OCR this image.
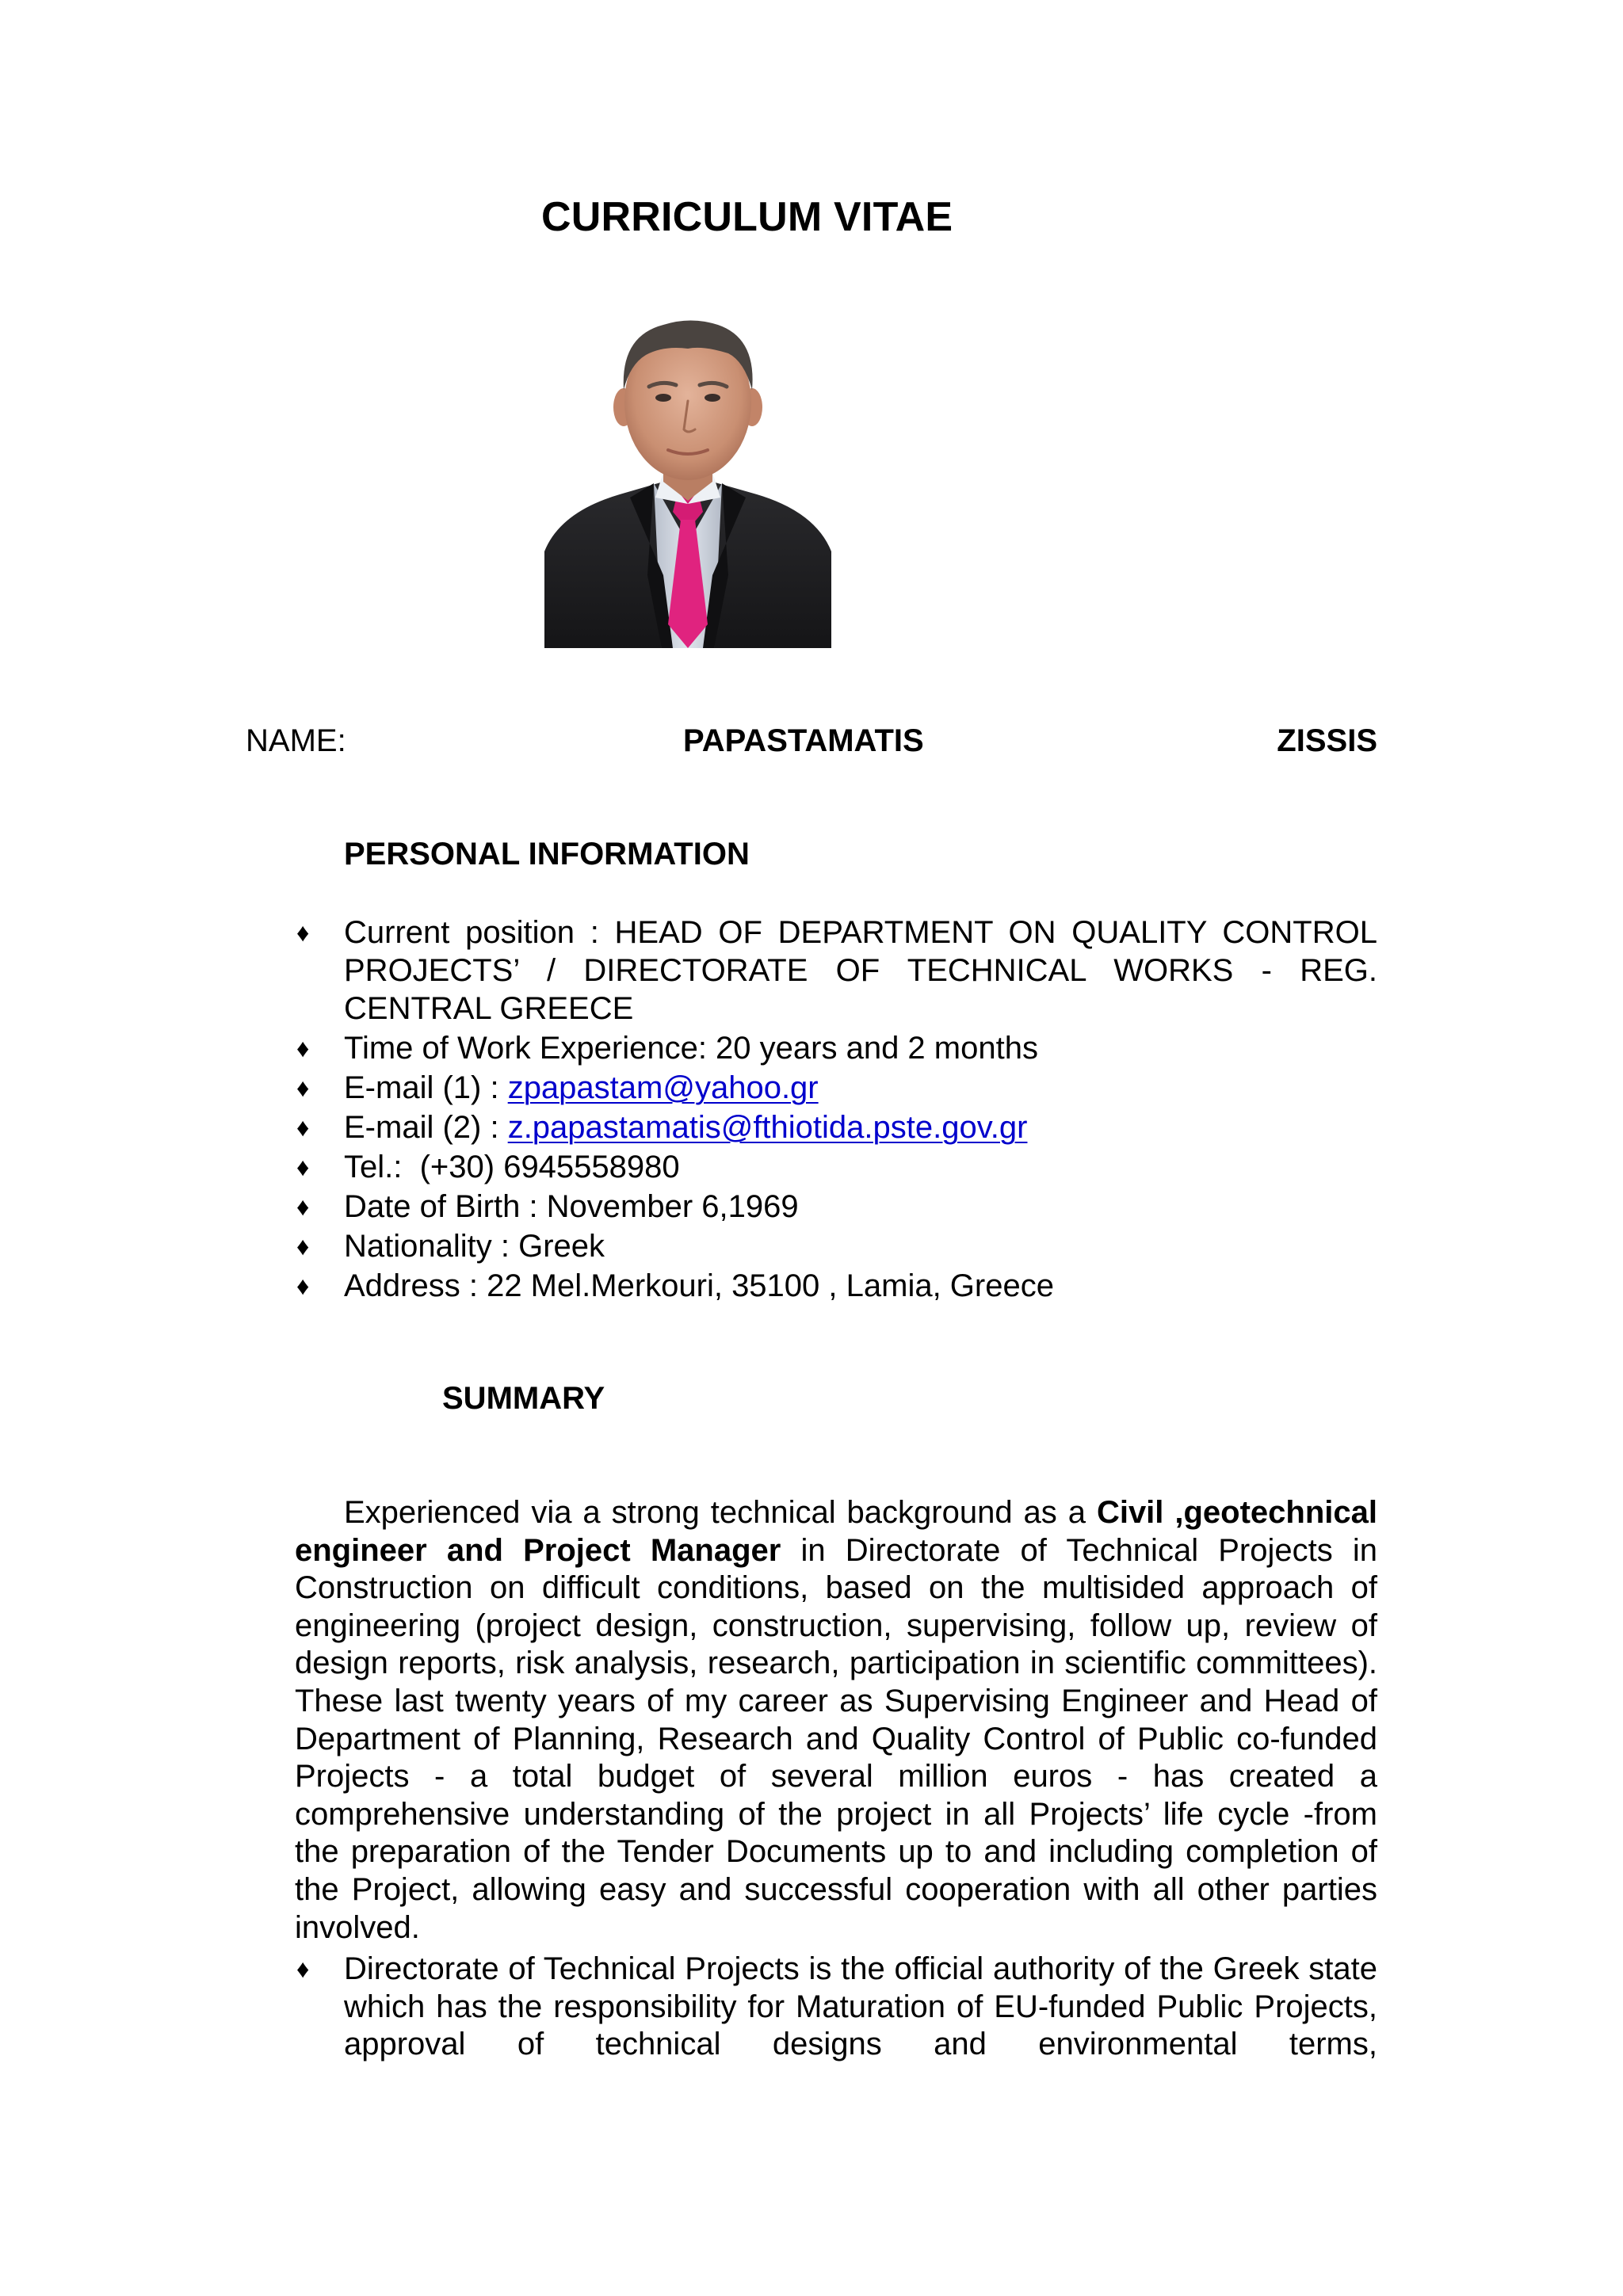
CURRICULUM VITAE
NAME:	PAPASTAMATIS	ZISSIS
PERSONAL INFORMATION
♦ Current position : HEAD OF DEPARTMENT ON QUALITY CONTROL
PROJECTS’ / DIRECTORATE OF TECHNICAL WORKS - REG.
CENTRAL GREECE
♦ Time of Work Experience: 20 years and 2 months
♦ E-mail (1) : zpapastam@yahoo.gr
♦ E-mail (2) : z.papastamatis@fthiotida.pste.gov.gr
♦ Tel.:  (+30) 6945558980
♦ Date of Birth : November 6,1969
♦ Nationality : Greek
♦ Address : 22 Mel.Merkouri, 35100 , Lamia, Greece
SUMMARY

Experienced via a strong technical background as a Civil ,geotechnical engineer and Project Manager in Directorate of Technical Projects in Construction on difficult conditions, based on the multisided approach of engineering (project design, construction, supervising, follow up, review of design reports, risk analysis, research, participation in scientific committees). These last twenty years of my career as Supervising Engineer and Head of Department of Planning, Research and Quality Control of Public co-funded Projects - a total budget of several million euros - has created a comprehensive understanding of the project in all Projects’ life cycle -from the preparation of the Tender Documents up to and including completion of the Project, allowing easy and successful cooperation with all other parties involved.

♦ Directorate of Technical Projects is the official authority of the Greek state which has the responsibility for Maturation of EU-funded Public Projects, approval of technical designs and environmental terms,
